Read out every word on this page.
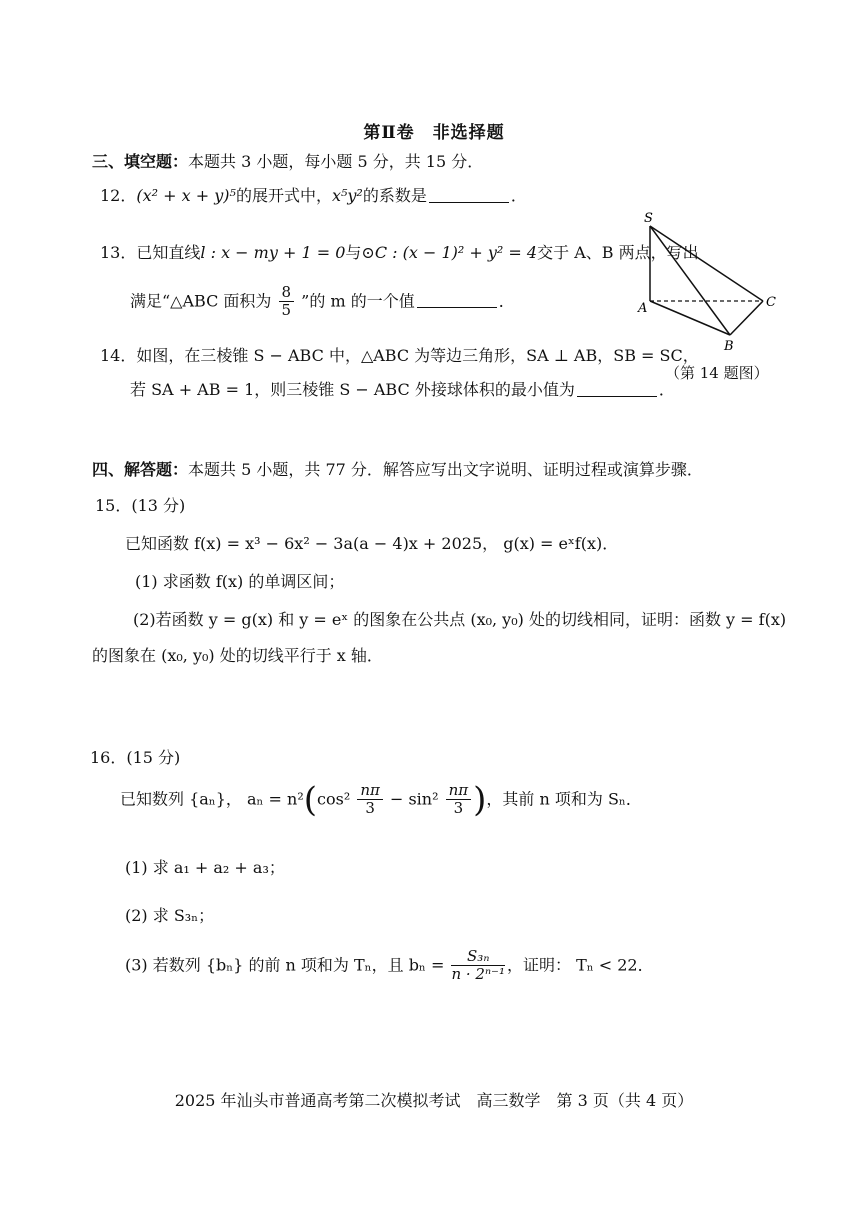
第Ⅱ卷　非选择题
三、填空题：本题共 3 小题，每小题 5 分，共 15 分．
12．(x² + x + y)⁵的展开式中，x⁵y²的系数是	．
13．已知直线l : x − my + 1 = 0与⊙C : (x − 1)² + y² = 4交于 A、B 两点，写出
满足“△ABC 面积为 $\frac{8}{5}$ ”的 m 的一个值	．
14．如图，在三棱锥 S − ABC 中，△ABC 为等边三角形，SA ⊥ AB，SB = SC，
若 SA + AB = 1，则三棱锥 S − ABC 外接球体积的最小值为	．
S
A
B
C
（第 14 题图）
四、解答题：本题共 5 小题，共 77 分．解答应写出文字说明、证明过程或演算步骤．
15．(13 分)
已知函数 f(x) = x³ − 6x² − 3a(a − 4)x + 2025， g(x) = eˣf(x)．
(1) 求函数 f(x) 的单调区间；
(2)若函数 y = g(x) 和 y = eˣ 的图象在公共点 (x₀, y₀) 处的切线相同，证明：函数 y = f(x)
的图象在 (x₀, y₀) 处的切线平行于 x 轴．
16．(15 分)
已知数列 {aₙ}， $a_n = n^2(\cos^2 \frac{n\pi}{3} - \sin^2 \frac{n\pi}{3}$ )，其前 n 项和为 Sₙ．
(1) 求 a₁ + a₂ + a₃；
(2) 求 S₃ₙ；
(3) 若数列 {bₙ} 的前 n 项和为 Tₙ，且 $b_n = \frac{\text{S₃ₙ}}{\text{n · 2ⁿ⁻¹}}$ ，证明： Tₙ < 22．
2025 年汕头市普通高考第二次模拟考试　高三数学　第 3 页（共 4 页）
